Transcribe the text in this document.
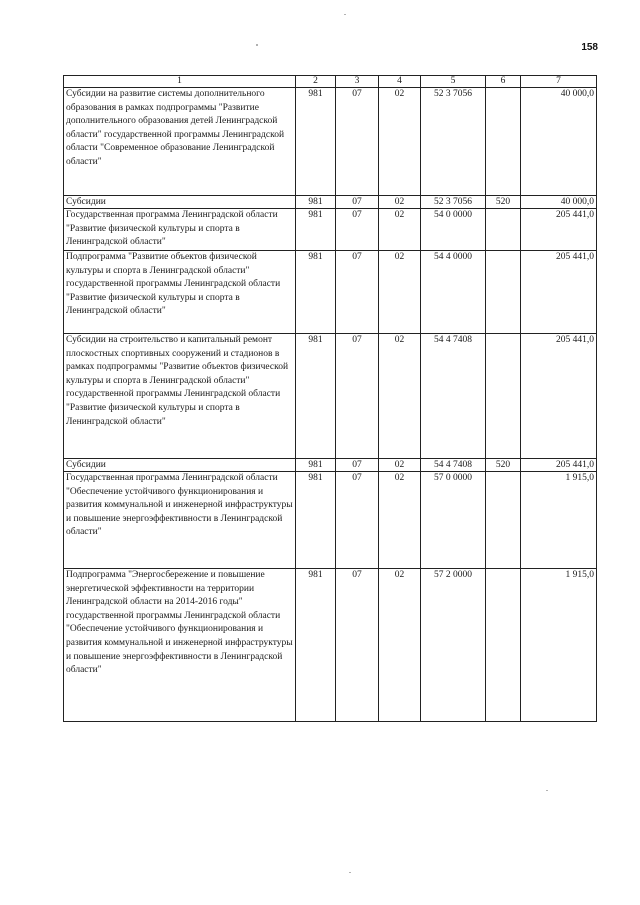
158
1	2	3	4	5	6	7
Субсидии на развитие системы дополнительного образования в рамках подпрограммы "Развитие дополнительного образования детей Ленинградской области" государственной программы Ленинградской области "Современное образование Ленинградской области"	981	07	02	52 3 7056		40 000,0
Субсидии	981	07	02	52 3 7056	520	40 000,0
Государственная программа Ленинградской области "Развитие физической культуры и спорта в Ленинградской области"	981	07	02	54 0 0000		205 441,0
Подпрограмма "Развитие объектов физической культуры и спорта в Ленинградской области" государственной программы Ленинградской области "Развитие физической культуры и спорта в Ленинградской области"	981	07	02	54 4 0000		205 441,0
Субсидии на строительство и капитальный ремонт плоскостных спортивных сооружений и стадионов в рамках подпрограммы "Развитие объектов физической культуры и спорта в Ленинградской области" государственной программы Ленинградской области "Развитие физической культуры и спорта в Ленинградской области"	981	07	02	54 4 7408		205 441,0
Субсидии	981	07	02	54 4 7408	520	205 441,0
Государственная программа Ленинградской области "Обеспечение устойчивого функционирования и развития коммунальной и инженерной инфраструктуры и повышение энергоэффективности в Ленинградской области"	981	07	02	57 0 0000		1 915,0
Подпрограмма "Энергосбережение и повышение энергетической эффективности на территории Ленинградской области на 2014-2016 годы" государственной программы Ленинградской области "Обеспечение устойчивого функционирования и развития коммунальной и инженерной инфраструктуры и повышение энергоэффективности в Ленинградской области"	981	07	02	57 2 0000		1 915,0
